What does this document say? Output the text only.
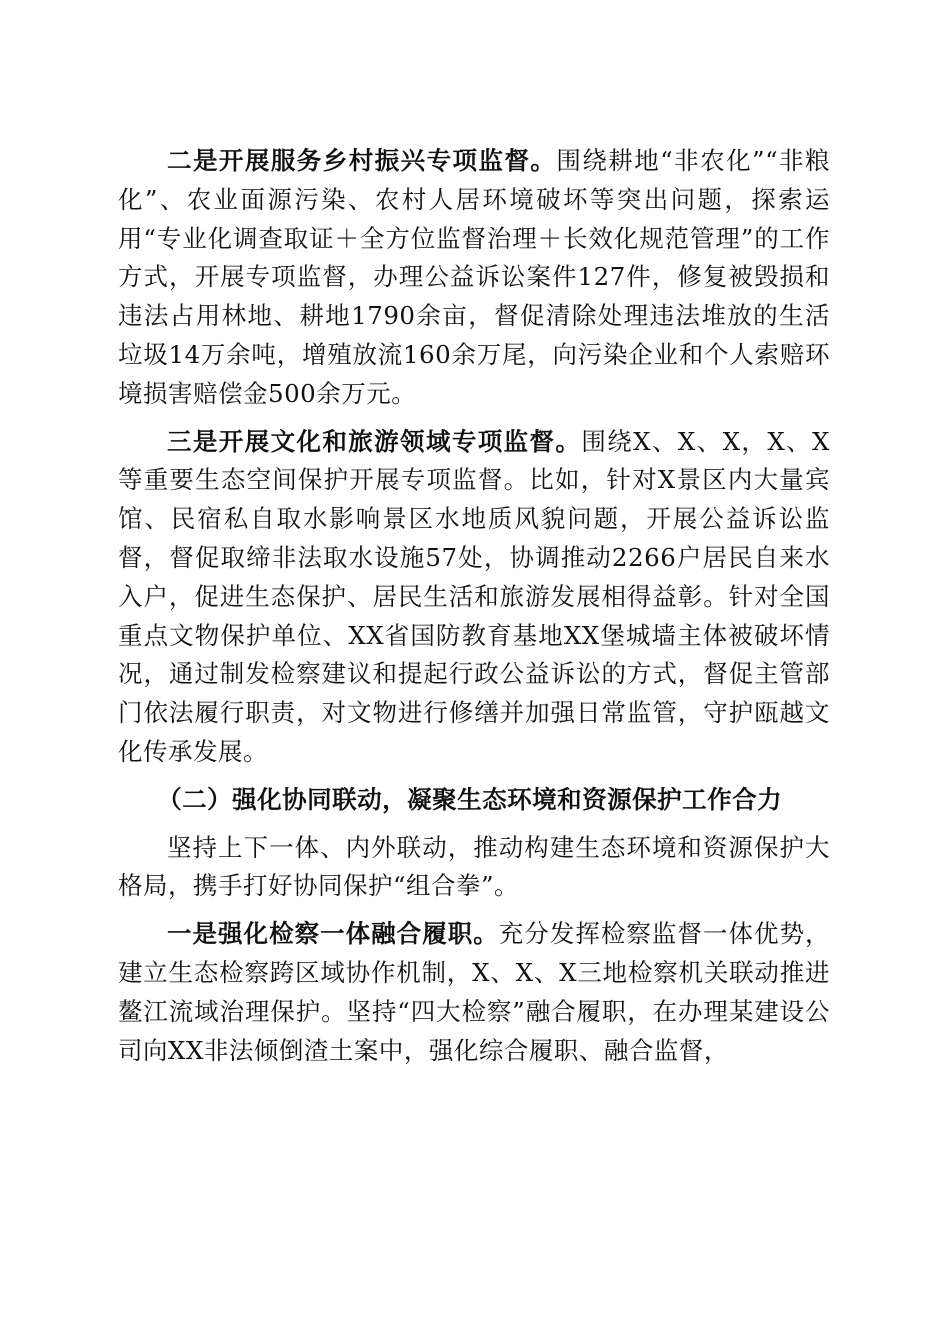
二是开展服务乡村振兴专项监督。围绕耕地“非农化”“非粮化”、农业面源污染、农村人居环境破坏等突出问题，探索运用“专业化调查取证＋全方位监督治理＋长效化规范管理”的工作方式，开展专项监督，办理公益诉讼案件127件，修复被毁损和违法占用林地、耕地1790余亩，督促清除处理违法堆放的生活垃圾14万余吨，增殖放流160余万尾，向污染企业和个人索赔环境损害赔偿金500余万元。

三是开展文化和旅游领域专项监督。围绕X、X、X，X、X等重要生态空间保护开展专项监督。比如，针对X景区内大量宾馆、民宿私自取水影响景区水地质风貌问题，开展公益诉讼监督，督促取缔非法取水设施57处，协调推动2266户居民自来水入户，促进生态保护、居民生活和旅游发展相得益彰。针对全国重点文物保护单位、XX省国防教育基地XX堡城墙主体被破坏情况，通过制发检察建议和提起行政公益诉讼的方式，督促主管部门依法履行职责，对文物进行修缮并加强日常监管，守护瓯越文化传承发展。

（二）强化协同联动，凝聚生态环境和资源保护工作合力

坚持上下一体、内外联动，推动构建生态环境和资源保护大格局，携手打好协同保护“组合拳”。

一是强化检察一体融合履职。充分发挥检察监督一体优势，建立生态检察跨区域协作机制，X、X、X三地检察机关联动推进鳌江流域治理保护。坚持“四大检察”融合履职，在办理某建设公司向XX非法倾倒渣土案中，强化综合履职、融合监督，
